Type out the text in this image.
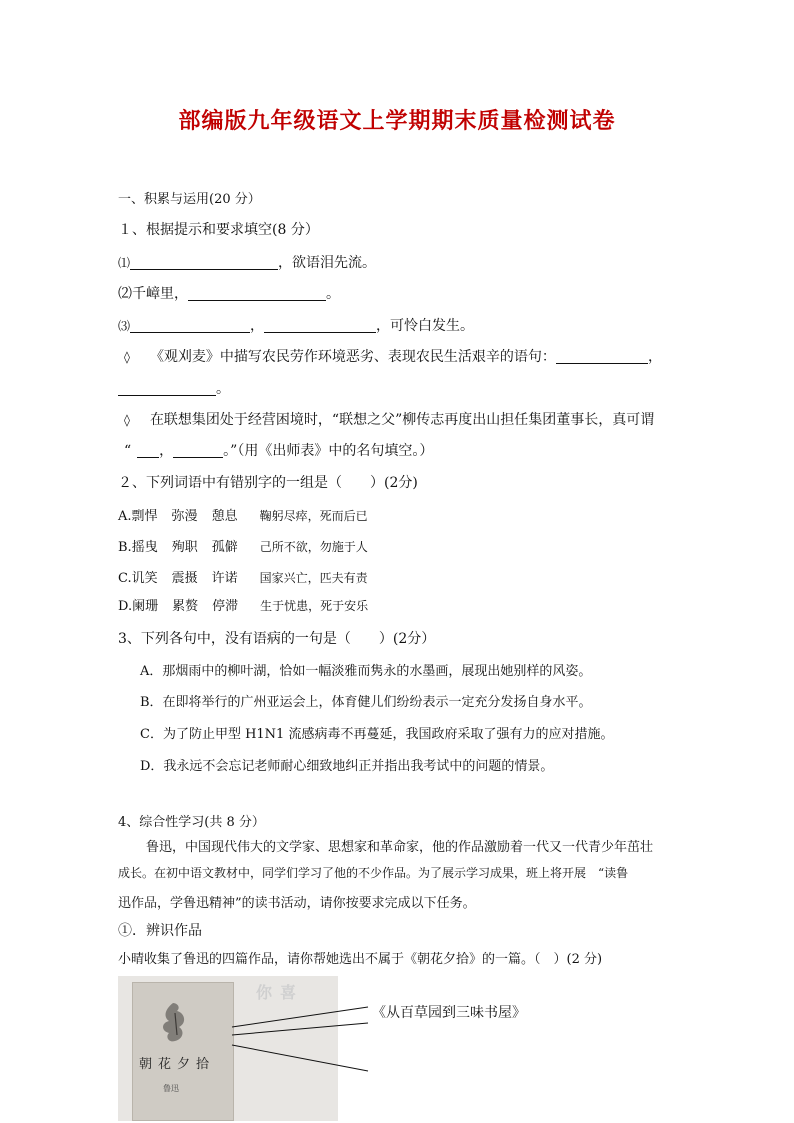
部编版九年级语文上学期期末质量检测试卷
一、积累与运用(20 分）
１、根据提示和要求填空(8 分）
⑴	，欲语泪先流。
⑵千嶂里，	。
⑶	，	，可怜白发生。
◊ 《观刈麦》中描写农民劳作环境恶劣、表现农民生活艰辛的语句：	，
。
◊ 在联想集团处于经营困境时，“联想之父”柳传志再度出山担任集团董事长，真可谓
“ ，	。”（用《出师表》中的名句填空。）
２、下列词语中有错别字的一组是（　　）(2分)
A.剽悍 弥漫 憩息 鞠躬尽瘁，死而后已
B.摇曳 殉职 孤僻 己所不欲，勿施于人
C.讥笑 震摄 许诺 国家兴亡，匹夫有责
D.阑珊 累赘 停滞 生于忧患，死于安乐
3、下列各句中，没有语病的一句是（　　）(2分）
A．那烟雨中的柳叶湖，恰如一幅淡雅而隽永的水墨画，展现出她别样的风姿。
B．在即将举行的广州亚运会上，体育健儿们纷纷表示一定充分发扬自身水平。
C．为了防止甲型 H1N1 流感病毒不再蔓延，我国政府采取了强有力的应对措施。
D．我永远不会忘记老师耐心细致地纠正并指出我考试中的问题的情景。
4、综合性学习(共 8 分）
鲁迅，中国现代伟大的文学家、思想家和革命家，他的作品激励着一代又一代青少年茁壮
成长。在初中语文教材中，同学们学习了他的不少作品。为了展示学习成果，班上将开展　“读鲁
迅作品，学鲁迅精神”的读书活动，请你按要求完成以下任务。
①．辨识作品
小晴收集了鲁迅的四篇作品，请你帮她选出不属于《朝花夕拾》的一篇。（　）(2 分)
你 喜
朝花夕拾
鲁迅
《从百草园到三味书屋》
